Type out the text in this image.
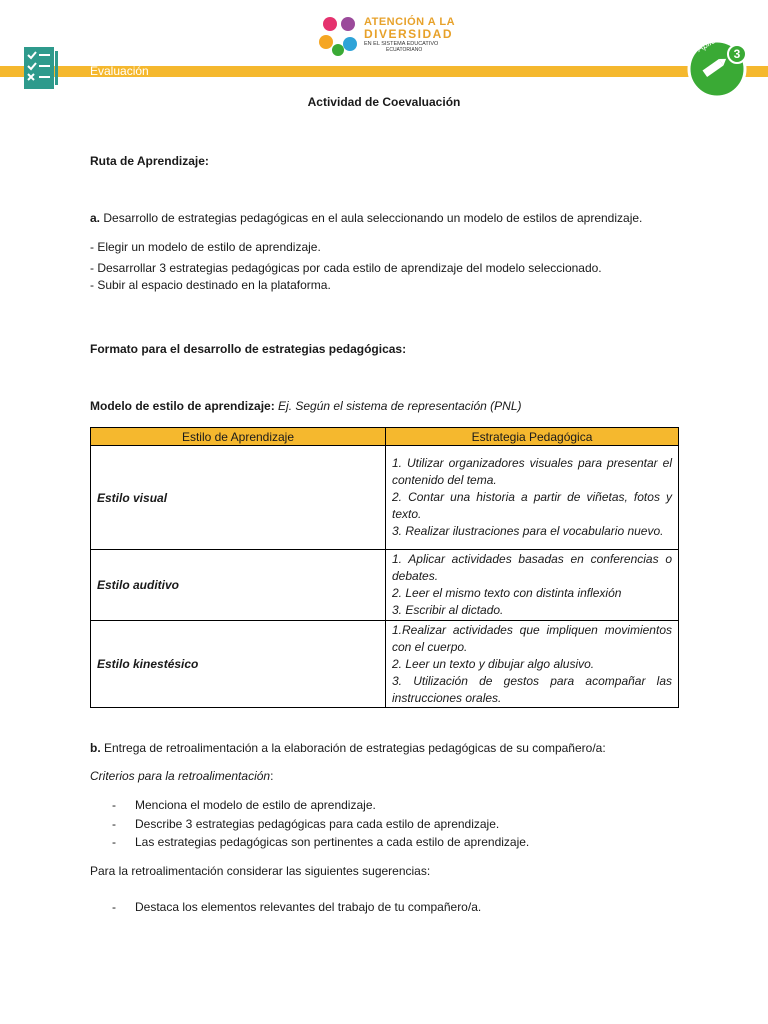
Evaluación
ATENCIÓN A LA
DIVERSIDAD
EN EL SISTEMA EDUCATIVO
ECUATORIANO	3
Aplicar
Actividad de Coevaluación

Ruta de Aprendizaje:

a. Desarrollo de estrategias pedagógicas en el aula seleccionando un modelo de estilos de aprendizaje.

- Elegir un modelo de estilo de aprendizaje.

- Desarrollar 3 estrategias pedagógicas por cada estilo de aprendizaje del modelo seleccionado.

- Subir al espacio destinado en la plataforma.

Formato para el desarrollo de estrategias pedagógicas:

Modelo de estilo de aprendizaje: Ej. Según el sistema de representación (PNL)

Estilo de Aprendizaje	Estrategia Pedagógica
Estilo visual	1. Utilizar organizadores visuales para presentar el contenido del tema.
2. Contar una historia a partir de viñetas, fotos y texto.
3. Realizar ilustraciones para el vocabulario nuevo.

Estilo auditivo	1. Aplicar actividades basadas en conferencias o debates.
2. Leer el mismo texto con distinta inflexión
3. Escribir al dictado.

Estilo kinestésico	1.Realizar actividades que impliquen movimientos con el cuerpo.
2. Leer un texto y dibujar algo alusivo.
3. Utilización de gestos para acompañar las instrucciones orales.

b. Entrega de retroalimentación a la elaboración de estrategias pedagógicas de su compañero/a:

Criterios para la retroalimentación:

- Menciona el modelo de estilo de aprendizaje.
- Describe 3 estrategias pedagógicas para cada estilo de aprendizaje.
- Las estrategias pedagógicas son pertinentes a cada estilo de aprendizaje.

Para la retroalimentación considerar las siguientes sugerencias:

- Destaca los elementos relevantes del trabajo de tu compañero/a.
